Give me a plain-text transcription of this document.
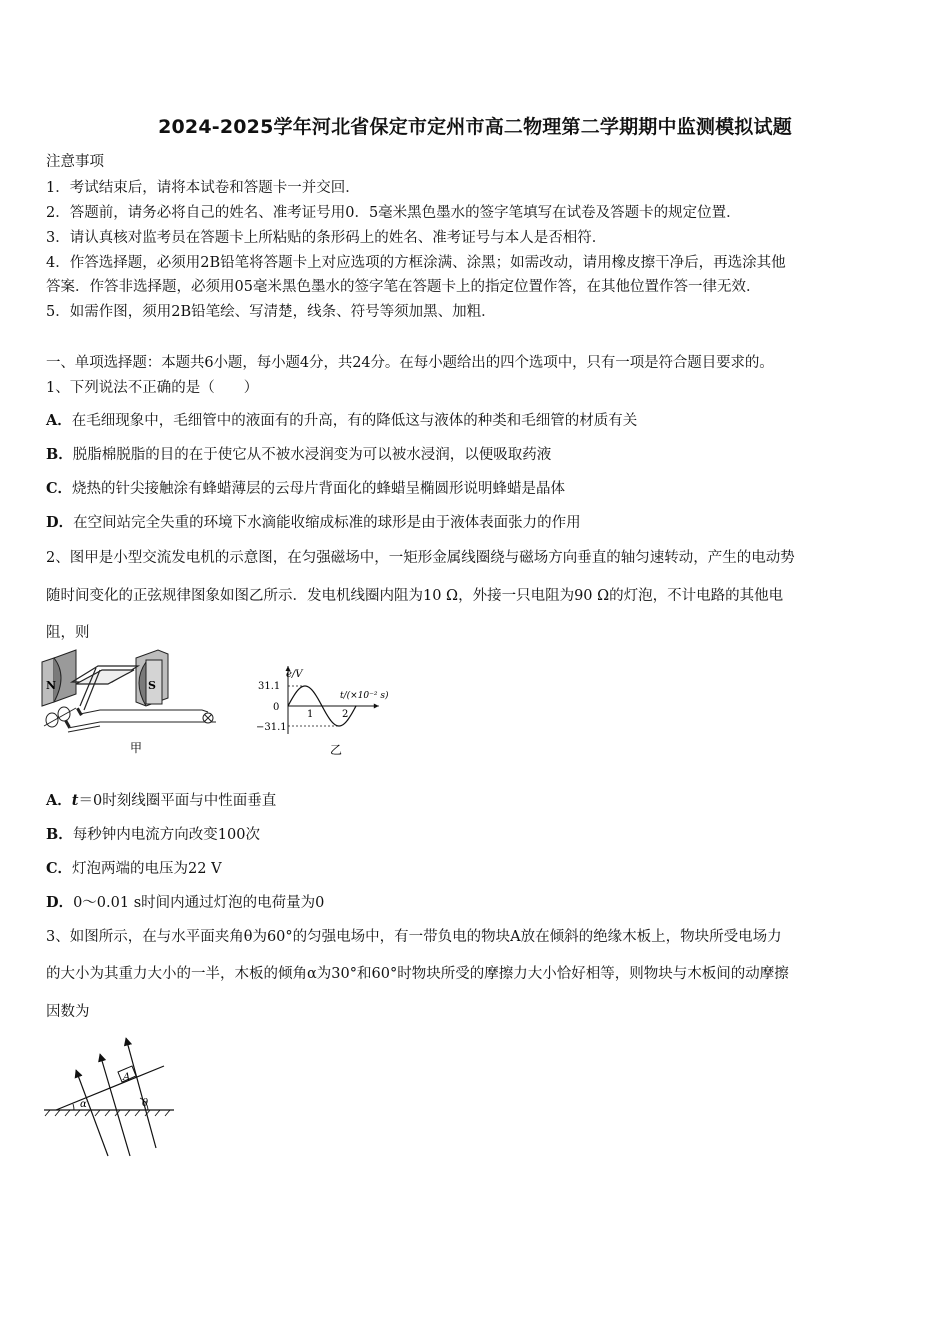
2024-2025学年河北省保定市定州市高二物理第二学期期中监测模拟试题
注意事项
1．考试结束后，请将本试卷和答题卡一并交回．
2．答题前，请务必将自己的姓名、准考证号用0．5毫米黑色墨水的签字笔填写在试卷及答题卡的规定位置．
3．请认真核对监考员在答题卡上所粘贴的条形码上的姓名、准考证号与本人是否相符．
4．作答选择题，必须用2B铅笔将答题卡上对应选项的方框涂满、涂黑；如需改动，请用橡皮擦干净后，再选涂其他
答案．作答非选择题，必须用05毫米黑色墨水的签字笔在答题卡上的指定位置作答，在其他位置作答一律无效．
5．如需作图，须用2B铅笔绘、写清楚，线条、符号等须加黑、加粗．
一、单项选择题：本题共6小题，每小题4分，共24分。在每小题给出的四个选项中，只有一项是符合题目要求的。
1、下列说法不正确的是（　　）
A．在毛细现象中，毛细管中的液面有的升高，有的降低这与液体的种类和毛细管的材质有关
B．脱脂棉脱脂的目的在于使它从不被水浸润变为可以被水浸润，以便吸取药液
C．烧热的针尖接触涂有蜂蜡薄层的云母片背面化的蜂蜡呈椭圆形说明蜂蜡是晶体
D．在空间站完全失重的环境下水滴能收缩成标准的球形是由于液体表面张力的作用
2、图甲是小型交流发电机的示意图，在匀强磁场中，一矩形金属线圈绕与磁场方向垂直的轴匀速转动，产生的电动势
随时间变化的正弦规律图象如图乙所示．发电机线圈内阻为10 Ω，外接一只电阻为90 Ω的灯泡，不计电路的其他电
阻，则
N	S
甲
e/V
t/(×10⁻² s)
31.1
0
−31.1
1	2
乙
A．t＝0时刻线圈平面与中性面垂直
B．每秒钟内电流方向改变100次
C．灯泡两端的电压为22 V
D．0～0.01 s时间内通过灯泡的电荷量为0
3、如图所示，在与水平面夹角θ为60°的匀强电场中，有一带负电的物块A放在倾斜的绝缘木板上，物块所受电场力
的大小为其重力大小的一半，木板的倾角α为30°和60°时物块所受的摩擦力大小恰好相等，则物块与木板间的动摩擦
因数为
A
α	θ
